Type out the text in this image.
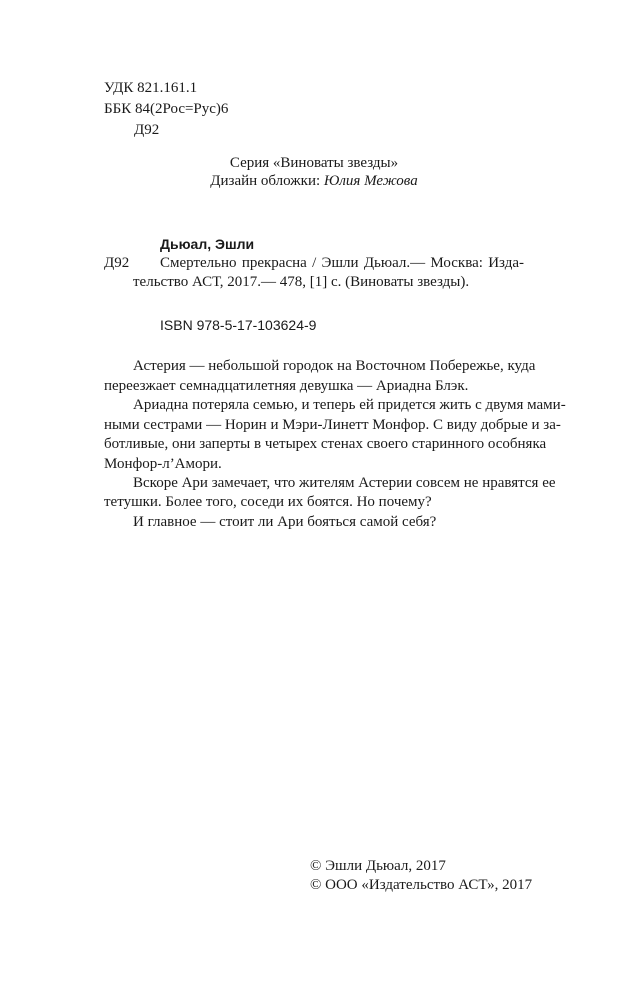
УДК 821.161.1
ББК 84(2Рос=Рус)6
Д92
Серия «Виноваты звезды»
Дизайн обложки: Юлия Межова
Дьюал, Эшли
Д92 Смертельно прекрасна / Эшли Дьюал.— Москва: Изда-
тельство АСТ, 2017.— 478, [1] с. (Виноваты звезды).
ISBN 978-5-17-103624-9
Астерия — небольшой городок на Восточном Побережье, куда
переезжает семнадцатилетняя девушка — Ариадна Блэк.
Ариадна потеряла семью, и теперь ей придется жить с двумя мами-
ными сестрами — Норин и Мэри-Линетт Монфор. С виду добрые и за-
ботливые, они заперты в четырех стенах своего старинного особняка
Монфор-л’Амори.
Вскоре Ари замечает, что жителям Астерии совсем не нравятся ее
тетушки. Более того, соседи их боятся. Но почему?
И главное — стоит ли Ари бояться самой себя?
© Эшли Дьюал, 2017
© ООО «Издательство АСТ», 2017
